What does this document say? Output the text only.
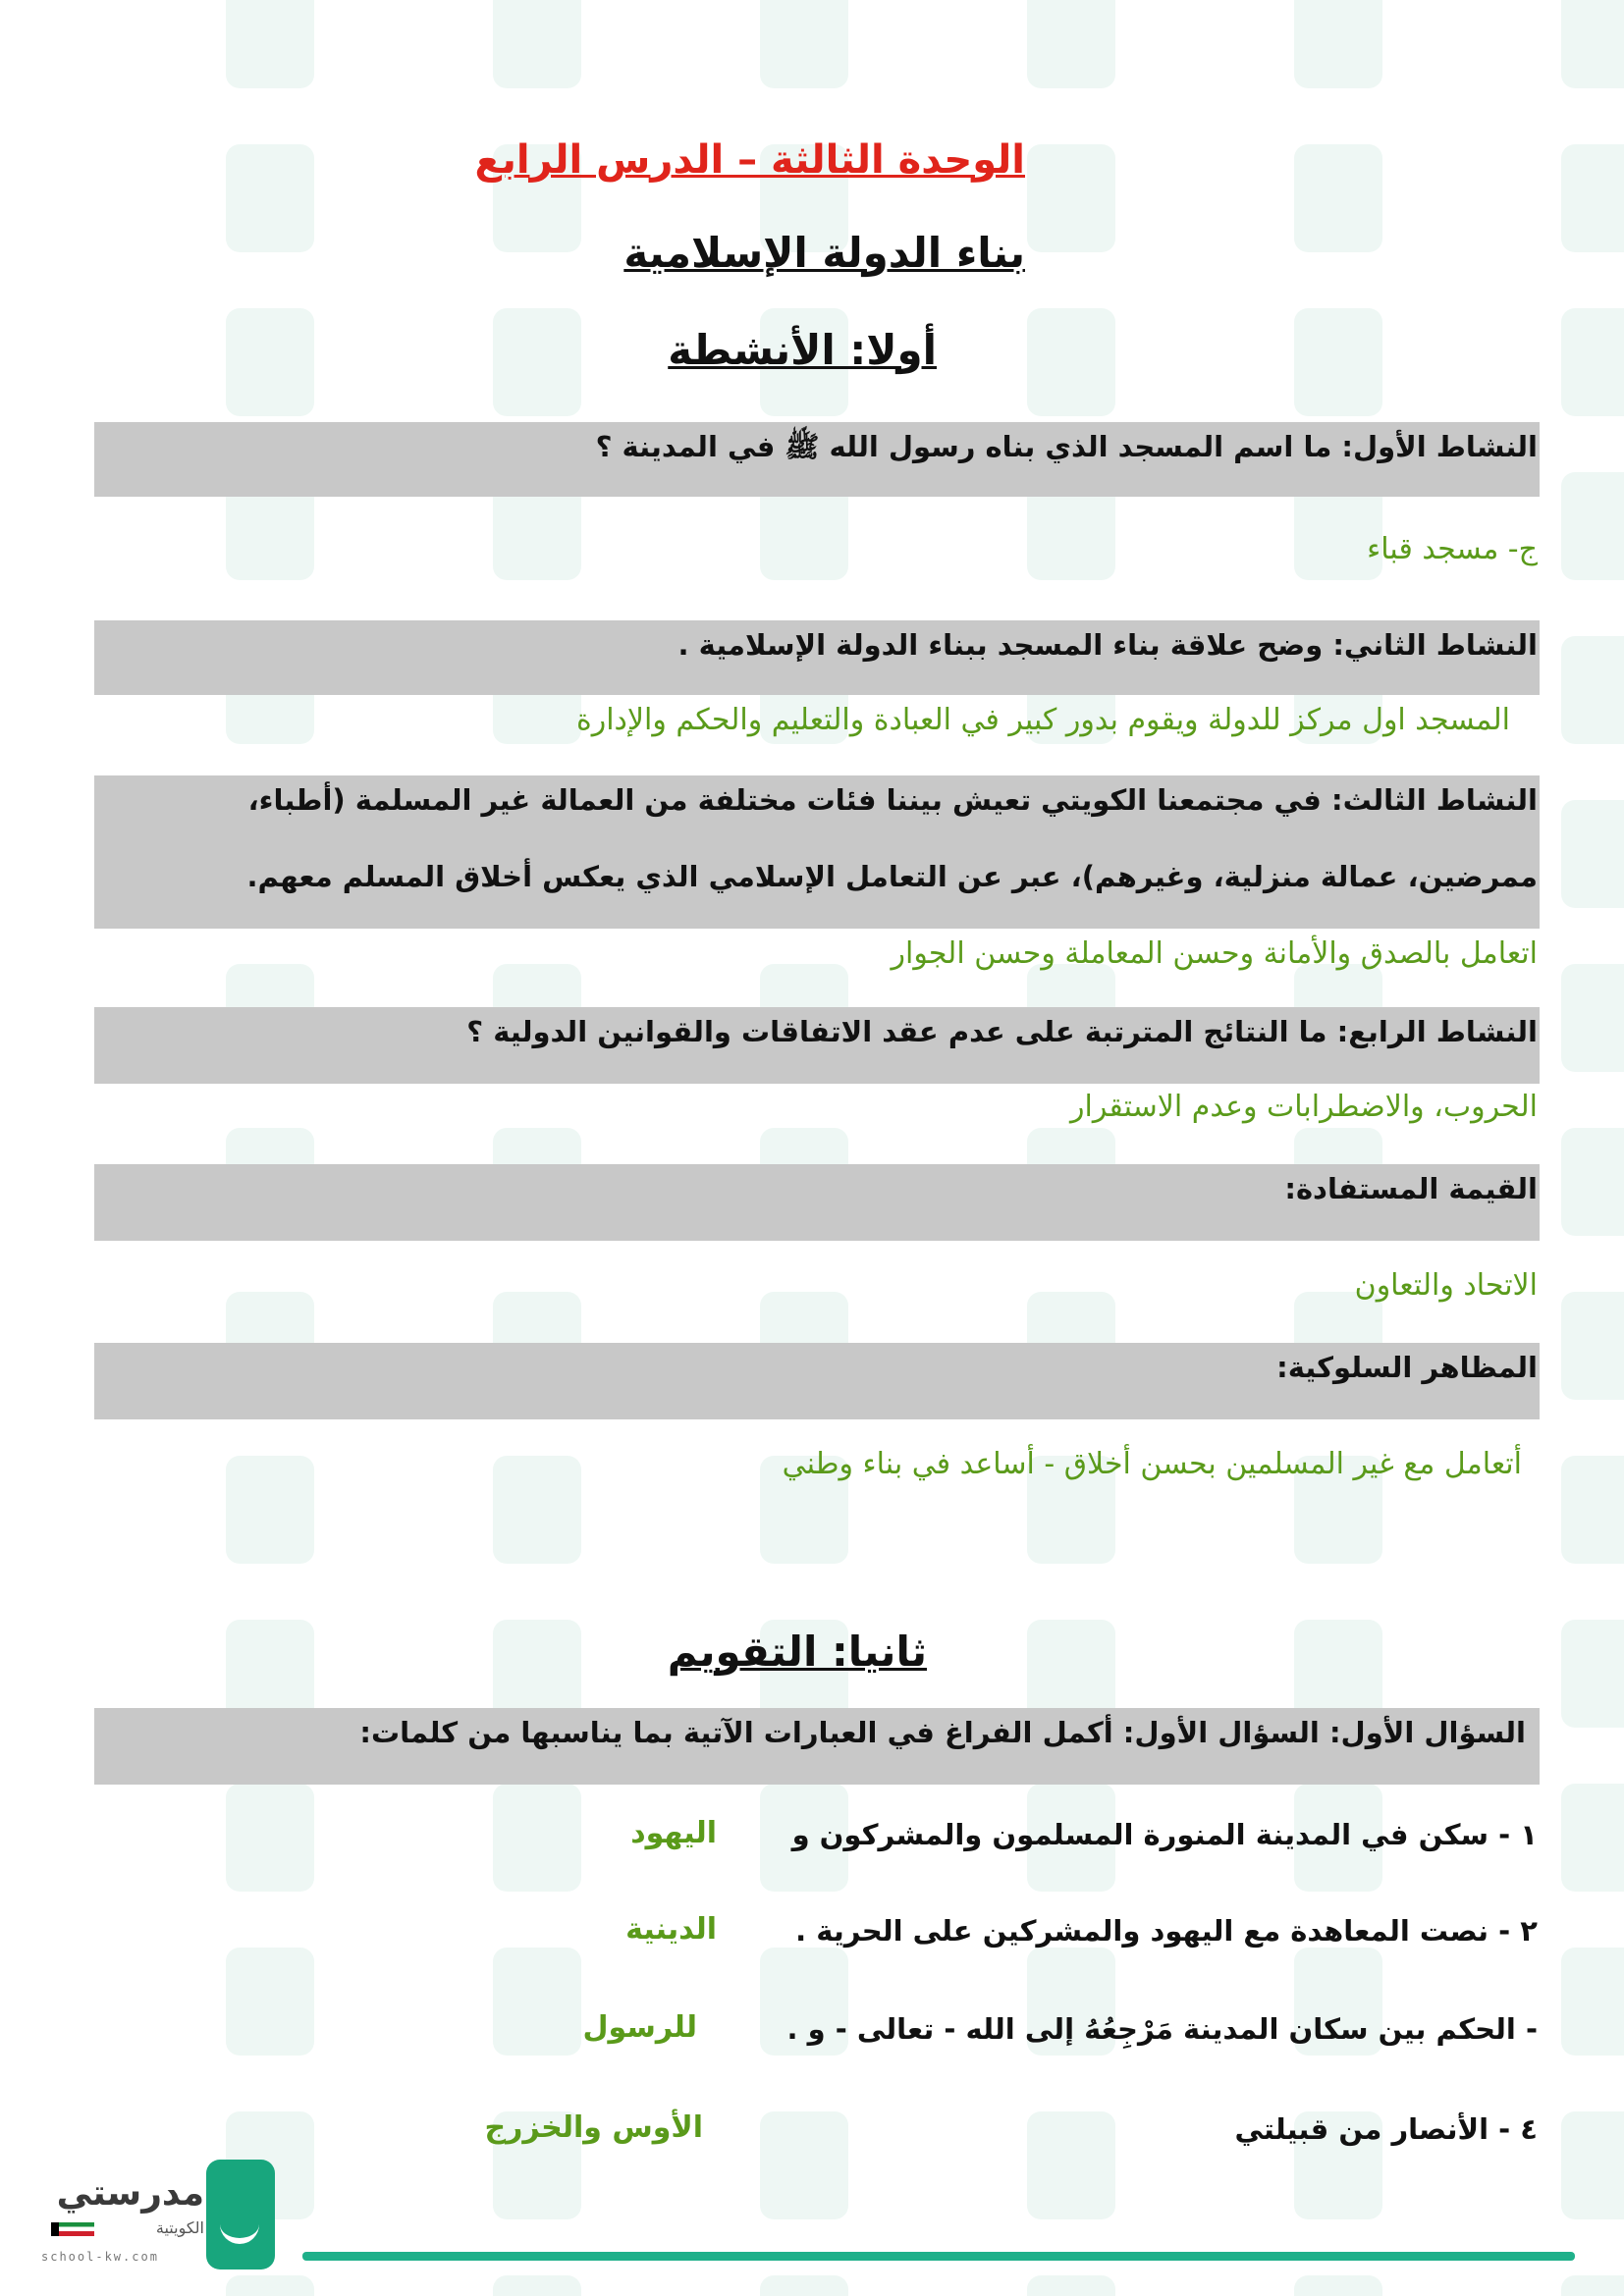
الوحدة الثالثة – الدرس الرابع
بناء الدولة الإسلامية
أولا: الأنشطة
النشاط الأول: ما اسم المسجد الذي بناه رسول الله ﷺ في المدينة ؟
ج- مسجد قباء
النشاط الثاني: وضح علاقة بناء المسجد ببناء الدولة الإسلامية .
المسجد اول مركز للدولة ويقوم بدور كبير في العبادة والتعليم والحكم والإدارة
النشاط الثالث: في مجتمعنا الكويتي تعيش بيننا فئات مختلفة من العمالة غير المسلمة (أطباء،
ممرضين، عمالة منزلية، وغيرهم)، عبر عن التعامل الإسلامي الذي يعكس أخلاق المسلم معهم.
اتعامل بالصدق والأمانة وحسن المعاملة وحسن الجوار
النشاط الرابع: ما النتائج المترتبة على عدم عقد الاتفاقات والقوانين الدولية ؟
الحروب، والاضطرابات وعدم الاستقرار
القيمة المستفادة:
الاتحاد والتعاون
المظاهر السلوكية:
أتعامل مع غير المسلمين بحسن أخلاق - أساعد في بناء وطني
ثانيا: التقويم
السؤال الأول: السؤال الأول: أكمل الفراغ في العبارات الآتية بما يناسبها من كلمات:
١ - سكن في المدينة المنورة المسلمون والمشركون و
اليهود
٢ - نصت المعاهدة مع اليهود والمشركين على الحرية .
الدينية
- الحكم بين سكان المدينة مَرْجِعُهُ إلى الله - تعالى - و .
للرسول
٤ - الأنصار من قبيلتي
الأوس والخزرج
مدرستي
الكويتية
school-kw.com
